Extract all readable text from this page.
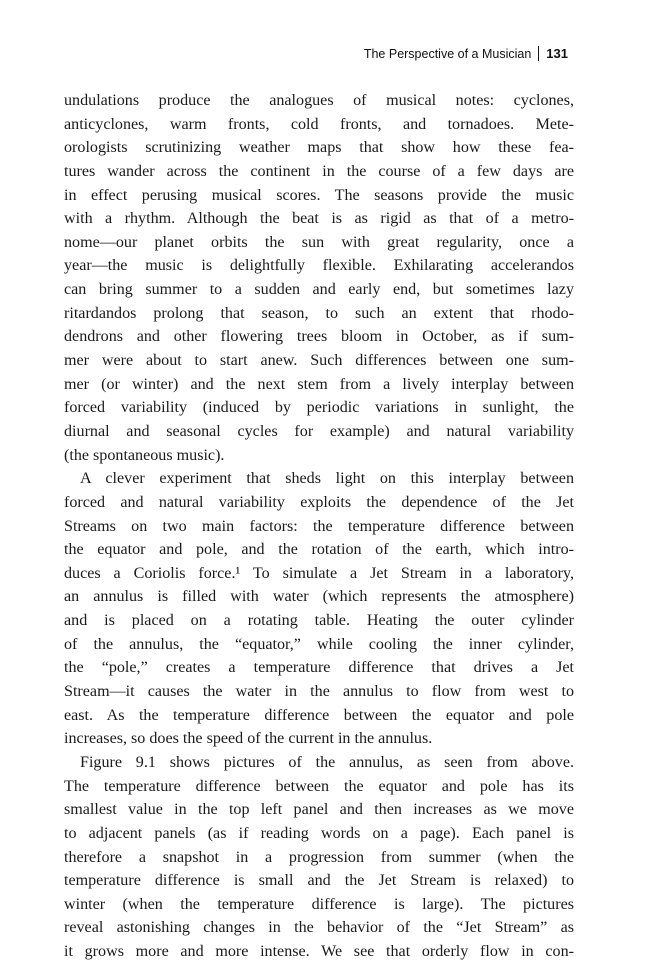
The Perspective of a Musician 131

undulations produce the analogues of musical notes: cyclones,
anticyclones, warm fronts, cold fronts, and tornadoes. Mete-
orologists scrutinizing weather maps that show how these fea-
tures wander across the continent in the course of a few days are
in effect perusing musical scores. The seasons provide the music
with a rhythm. Although the beat is as rigid as that of a metro-
nome—our planet orbits the sun with great regularity, once a
year—the music is delightfully flexible. Exhilarating accelerandos
can bring summer to a sudden and early end, but sometimes lazy
ritardandos prolong that season, to such an extent that rhodo-
dendrons and other flowering trees bloom in October, as if sum-
mer were about to start anew. Such differences between one sum-
mer (or winter) and the next stem from a lively interplay between
forced variability (induced by periodic variations in sunlight, the
diurnal and seasonal cycles for example) and natural variability
(the spontaneous music).

A clever experiment that sheds light on this interplay between
forced and natural variability exploits the dependence of the Jet
Streams on two main factors: the temperature difference between
the equator and pole, and the rotation of the earth, which intro-
duces a Coriolis force.¹ To simulate a Jet Stream in a laboratory,
an annulus is filled with water (which represents the atmosphere)
and is placed on a rotating table. Heating the outer cylinder
of the annulus, the “equator,” while cooling the inner cylinder,
the “pole,” creates a temperature difference that drives a Jet
Stream—it causes the water in the annulus to flow from west to
east. As the temperature difference between the equator and pole
increases, so does the speed of the current in the annulus.

Figure 9.1 shows pictures of the annulus, as seen from above.
The temperature difference between the equator and pole has its
smallest value in the top left panel and then increases as we move
to adjacent panels (as if reading words on a page). Each panel is
therefore a snapshot in a progression from summer (when the
temperature difference is small and the Jet Stream is relaxed) to
winter (when the temperature difference is large). The pictures
reveal astonishing changes in the behavior of the “Jet Stream” as
it grows more and more intense. We see that orderly flow in con-
